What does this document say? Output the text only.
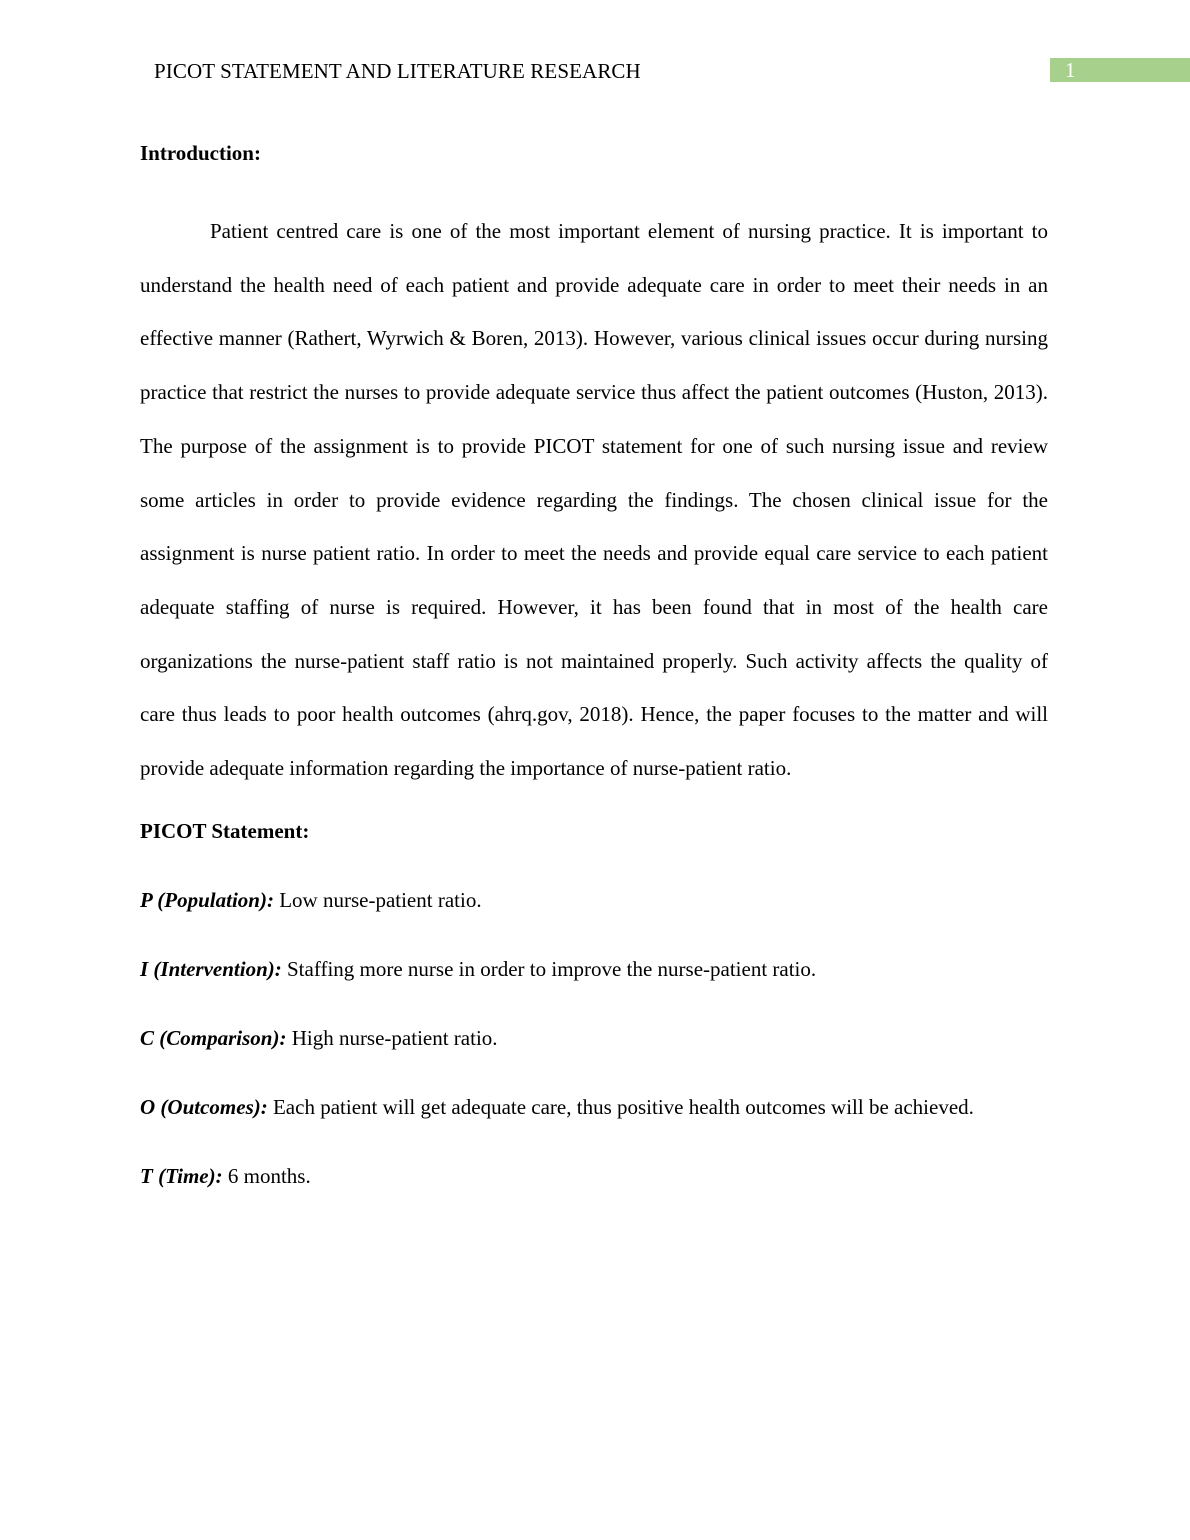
PICOT STATEMENT AND LITERATURE RESEARCH	1

Introduction:

Patient centred care is one of the most important element of nursing practice. It is important to understand the health need of each patient and provide adequate care in order to meet their needs in an effective manner (Rathert, Wyrwich & Boren, 2013). However, various clinical issues occur during nursing practice that restrict the nurses to provide adequate service thus affect the patient outcomes (Huston, 2013). The purpose of the assignment is to provide PICOT statement for one of such nursing issue and review some articles in order to provide evidence regarding the findings. The chosen clinical issue for the assignment is nurse patient ratio. In order to meet the needs and provide equal care service to each patient adequate staffing of nurse is required. However, it has been found that in most of the health care organizations the nurse-patient staff ratio is not maintained properly. Such activity affects the quality of care thus leads to poor health outcomes (ahrq.gov, 2018). Hence, the paper focuses to the matter and will provide adequate information regarding the importance of nurse-patient ratio.

PICOT Statement:

P (Population): Low nurse-patient ratio.

I (Intervention): Staffing more nurse in order to improve the nurse-patient ratio.

C (Comparison): High nurse-patient ratio.

O (Outcomes): Each patient will get adequate care, thus positive health outcomes will be achieved.

T (Time): 6 months.
